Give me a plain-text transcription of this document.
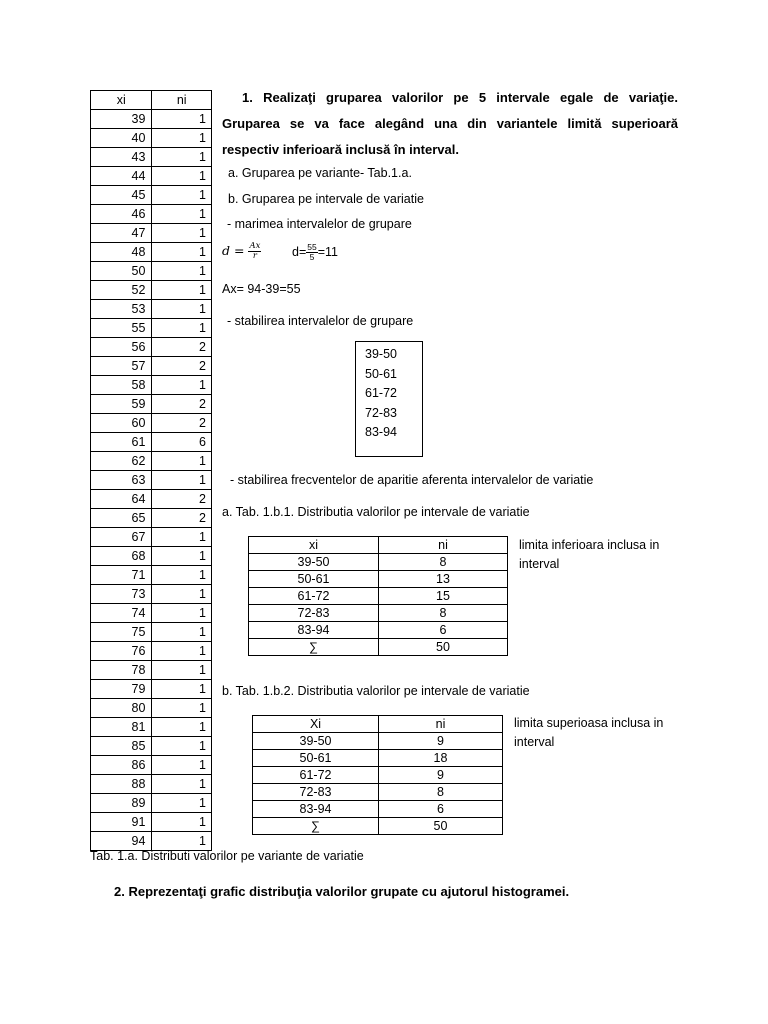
xi	ni
39	1
40	1
43	1
44	1
45	1
46	1
47	1
48	1
50	1
52	1
53	1
55	1
56	2
57	2
58	1
59	2
60	2
61	6
62	1
63	1
64	2
65	2
67	1
68	1
71	1
73	1
74	1
75	1
76	1
78	1
79	1
80	1
81	1
85	1
86	1
88	1
89	1
91	1
94	1
Tab. 1.a. Distributi valorilor pe variante de variatie
1. Realizaţi gruparea valorilor pe 5 intervale egale de variaţie. Gruparea se va face alegând una din variantele limită superioară respectiv inferioară inclusă în interval.
a. Gruparea pe variante- Tab.1.a.
b. Gruparea pe intervale de variatie
- marimea intervalelor de grupare
$d = \frac{Ax}{r} d= \frac{55}{5} =11$
Ax= 94-39=55
- stabilirea intervalelor de grupare
39-50
50-61
61-72
72-83
83-94
- stabilirea frecventelor de aparitie aferenta intervalelor de variatie
a. Tab. 1.b.1. Distributia valorilor pe intervale de variatie
xi	ni
39-50	8
50-61	13
61-72	15
72-83	8
83-94	6
∑	50
limita inferioara inclusa in interval
b. Tab. 1.b.2. Distributia valorilor pe intervale de variatie
Xi	ni
39-50	9
50-61	18
61-72	9
72-83	8
83-94	6
∑	50
limita superioasa inclusa in interval
2. Reprezentaţi grafic distribuţia valorilor grupate cu ajutorul histogramei.
